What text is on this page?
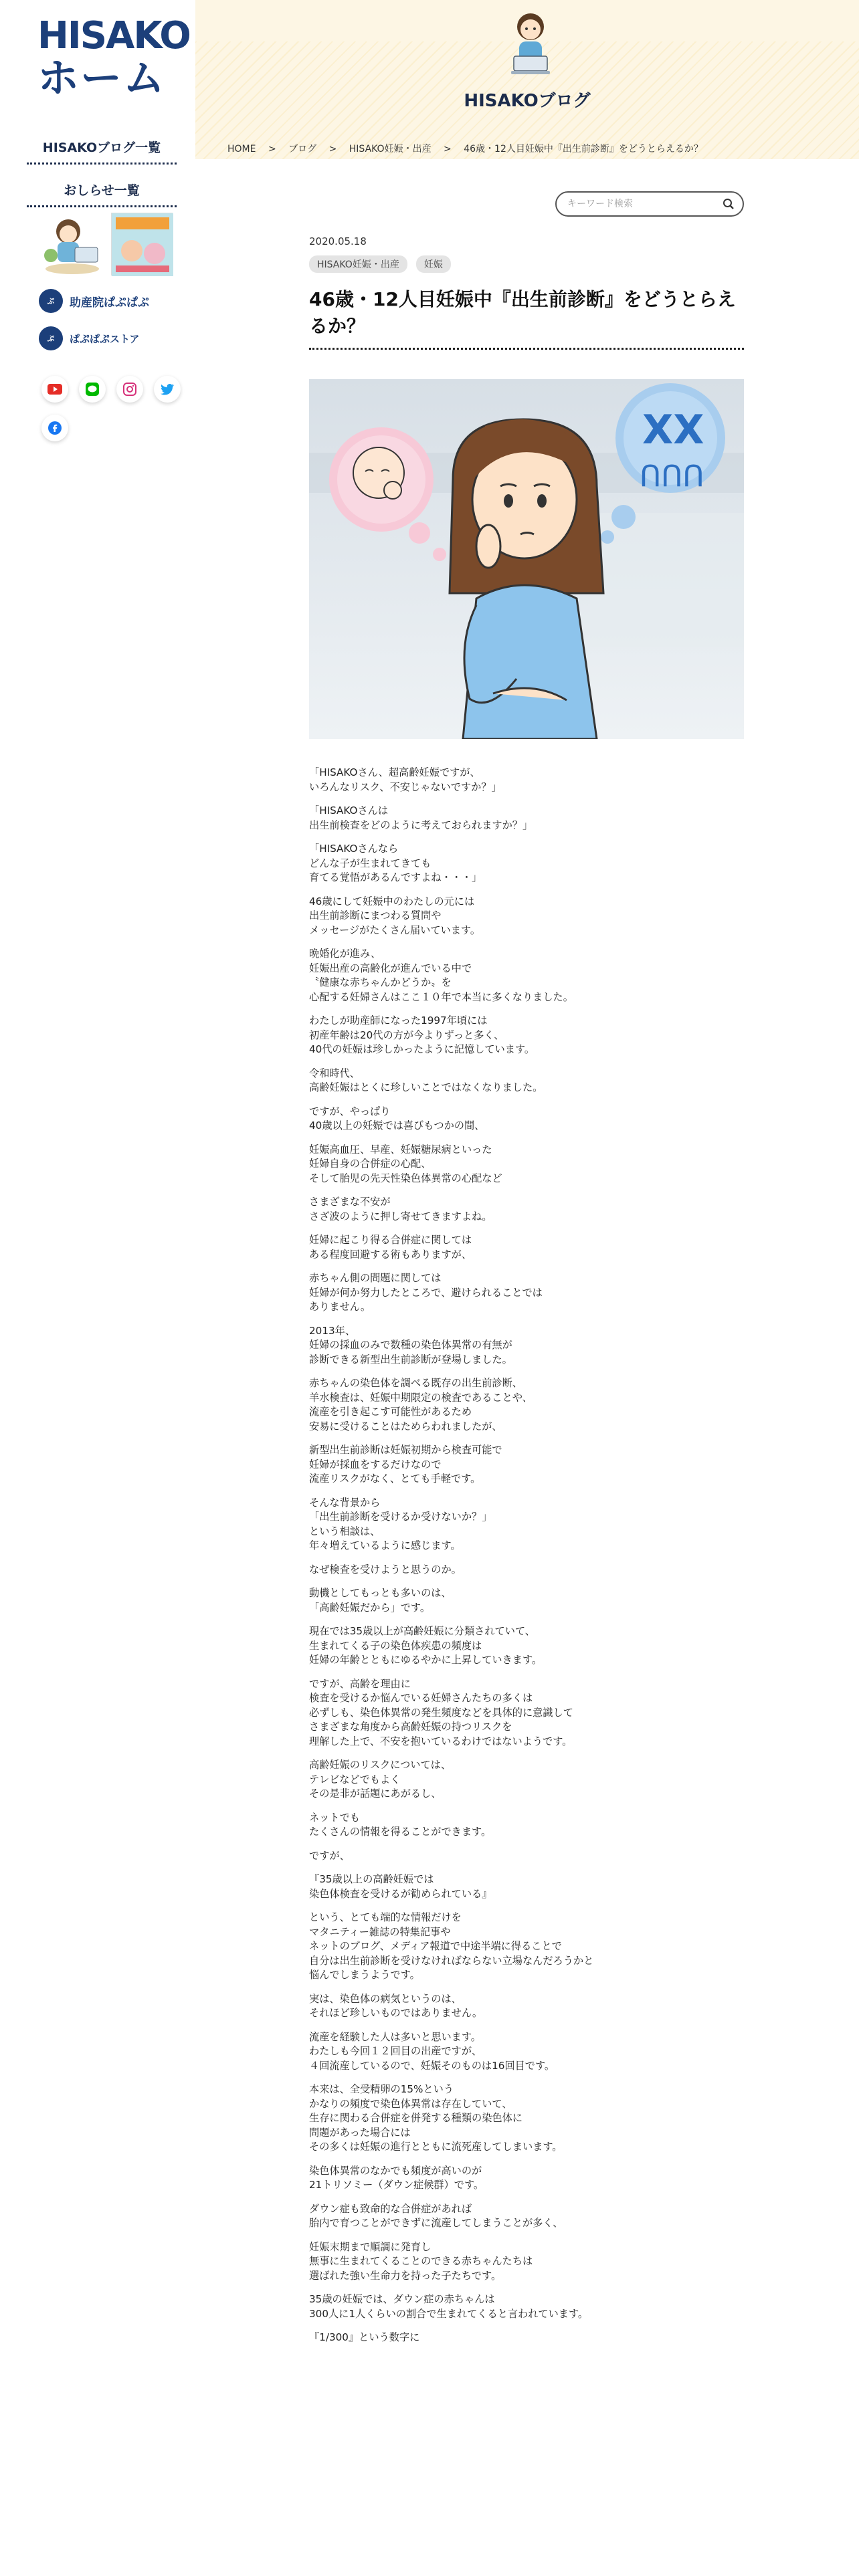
HISAKO
ホーム
HISAKOブログ一覧
おしらせ一覧
ぷ	助産院ぱぷぱぷ
ぷ	ぱぷぱぷストア
HISAKOブログ
HOME > ブログ > HISAKO妊娠・出産 > 46歳・12人目妊娠中『出生前診断』をどうとらえるか？
キーワード検索
2020.05.18
HISAKO妊娠・出産	妊娠
46歳・12人目妊娠中『出生前診断』をどうとらえるか？
XX
ꓵꓵꓵ

「HISAKOさん、超高齢妊娠ですが、
いろんなリスク、不安じゃないですか？」

「HISAKOさんは
出生前検査をどのように考えておられますか？」

「HISAKOさんなら
どんな子が生まれてきても
育てる覚悟があるんですよね・・・」

46歳にして妊娠中のわたしの元には
出生前診断にまつわる質問や
メッセージがたくさん届いています。

晩婚化が進み、
妊娠出産の高齢化が進んでいる中で
〝健康な赤ちゃんかどうか〟を
心配する妊婦さんはここ１０年で本当に多くなりました。

わたしが助産師になった1997年頃には
初産年齢は20代の方が今よりずっと多く、
40代の妊娠は珍しかったように記憶しています。

令和時代、
高齢妊娠はとくに珍しいことではなくなりました。

ですが、やっぱり
40歳以上の妊娠では喜びもつかの間、

妊娠高血圧、早産、妊娠糖尿病といった
妊婦自身の合併症の心配、
そして胎児の先天性染色体異常の心配など

さまざまな不安が
さざ波のように押し寄せてきますよね。

妊婦に起こり得る合併症に関しては
ある程度回避する術もありますが、

赤ちゃん側の問題に関しては
妊婦が何か努力したところで、避けられることでは
ありません。

2013年、
妊婦の採血のみで数種の染色体異常の有無が
診断できる新型出生前診断が登場しました。

赤ちゃんの染色体を調べる既存の出生前診断、
羊水検査は、妊娠中期限定の検査であることや、
流産を引き起こす可能性があるため
安易に受けることはためらわれましたが、

新型出生前診断は妊娠初期から検査可能で
妊婦が採血をするだけなので
流産リスクがなく、とても手軽です。

そんな背景から
「出生前診断を受けるか受けないか？」
という相談は、
年々増えているように感じます。

なぜ検査を受けようと思うのか。

動機としてもっとも多いのは、
「高齢妊娠だから」です。

現在では35歳以上が高齢妊娠に分類されていて、
生まれてくる子の染色体疾患の頻度は
妊婦の年齢とともにゆるやかに上昇していきます。

ですが、高齢を理由に
検査を受けるか悩んでいる妊婦さんたちの多くは
必ずしも、染色体異常の発生頻度などを具体的に意識して
さまざまな角度から高齢妊娠の持つリスクを
理解した上で、不安を抱いているわけではないようです。

高齢妊娠のリスクについては、
テレビなどでもよく
その是非が話題にあがるし、

ネットでも
たくさんの情報を得ることができます。

ですが、

『35歳以上の高齢妊娠では
染色体検査を受けるが勧められている』

という、とても端的な情報だけを
マタニティー雑誌の特集記事や
ネットのブログ、メディア報道で中途半端に得ることで
自分は出生前診断を受けなければならない立場なんだろうかと
悩んでしまうようです。

実は、染色体の病気というのは、
それほど珍しいものではありません。

流産を経験した人は多いと思います。
わたしも今回１２回目の出産ですが、
４回流産しているので、妊娠そのものは16回目です。

本来は、全受精卵の15%という
かなりの頻度で染色体異常は存在していて、
生存に関わる合併症を併発する種類の染色体に
問題があった場合には
その多くは妊娠の進行とともに流死産してしまいます。

染色体異常のなかでも頻度が高いのが
21トリソミー（ダウン症候群）です。

ダウン症も致命的な合併症があれば
胎内で育つことができずに流産してしまうことが多く、

妊娠末期まで順調に発育し
無事に生まれてくることのできる赤ちゃんたちは
選ばれた強い生命力を持った子たちです。

35歳の妊娠では、ダウン症の赤ちゃんは
300人に1人くらいの割合で生まれてくると言われています。

『1/300』という数字に
